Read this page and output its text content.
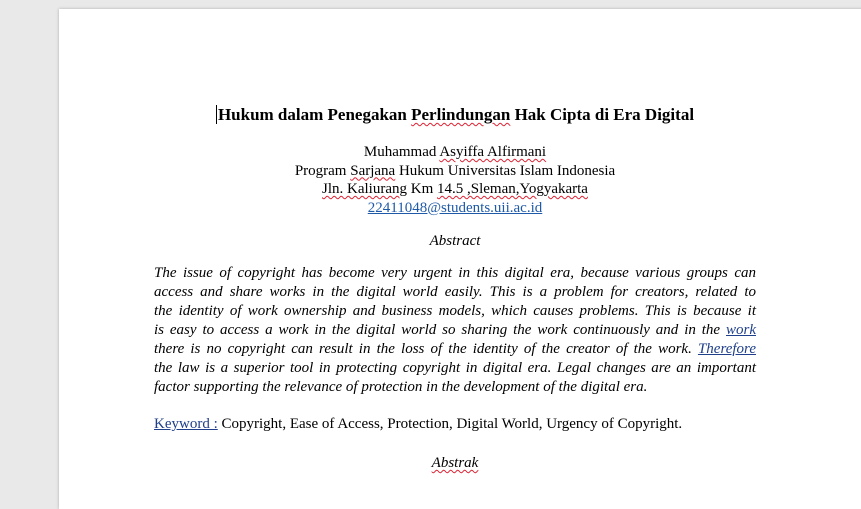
Hukum dalam Penegakan Perlindungan Hak Cipta di Era Digital

Muhammad Asyiffa Alfirmani
Program Sarjana Hukum Universitas Islam Indonesia
Jln. Kaliurang Km 14.5 ,Sleman,Yogyakarta
22411048@students.uii.ac.id
Abstract
The issue of copyright has become very urgent in this digital era, because various groups can
access and share works in the digital world easily. This is a problem for creators, related to
the identity of work ownership and business models, which causes problems. This is because it
is easy to access a work in the digital world so sharing the work continuously and in the work
there is no copyright can result in the loss of the identity of the creator of the work. Therefore
the law is a superior tool in protecting copyright in digital era. Legal changes are an important
factor supporting the relevance of protection in the development of the digital era.
Keyword : Copyright, Ease of Access, Protection, Digital World, Urgency of Copyright.
Abstrak
